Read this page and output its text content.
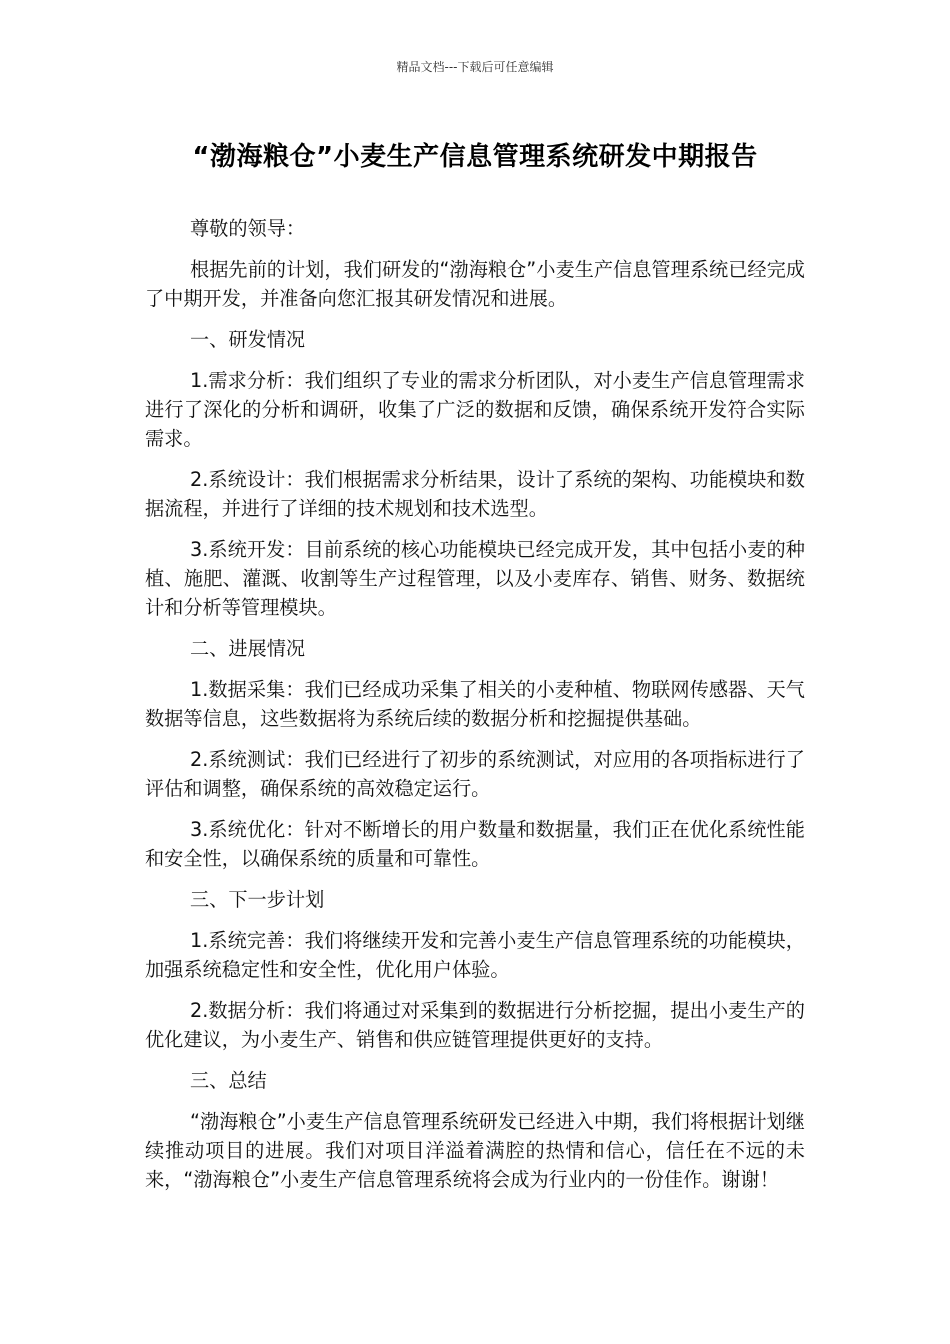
精品文档---下载后可任意编辑
“渤海粮仓”小麦生产信息管理系统研发中期报告

尊敬的领导：

根据先前的计划，我们研发的“渤海粮仓”小麦生产信息管理系统已经完成了中期开发，并准备向您汇报其研发情况和进展。

一、研发情况

1.需求分析：我们组织了专业的需求分析团队，对小麦生产信息管理需求进行了深化的分析和调研，收集了广泛的数据和反馈，确保系统开发符合实际需求。

2.系统设计：我们根据需求分析结果，设计了系统的架构、功能模块和数据流程，并进行了详细的技术规划和技术选型。

3.系统开发：目前系统的核心功能模块已经完成开发，其中包括小麦的种植、施肥、灌溉、收割等生产过程管理，以及小麦库存、销售、财务、数据统计和分析等管理模块。

二、进展情况

1.数据采集：我们已经成功采集了相关的小麦种植、物联网传感器、天气数据等信息，这些数据将为系统后续的数据分析和挖掘提供基础。

2.系统测试：我们已经进行了初步的系统测试，对应用的各项指标进行了评估和调整，确保系统的高效稳定运行。

3.系统优化：针对不断增长的用户数量和数据量，我们正在优化系统性能和安全性，以确保系统的质量和可靠性。

三、下一步计划

1.系统完善：我们将继续开发和完善小麦生产信息管理系统的功能模块，加强系统稳定性和安全性，优化用户体验。

2.数据分析：我们将通过对采集到的数据进行分析挖掘，提出小麦生产的优化建议，为小麦生产、销售和供应链管理提供更好的支持。

三、总结

“渤海粮仓”小麦生产信息管理系统研发已经进入中期，我们将根据计划继续推动项目的进展。我们对项目洋溢着满腔的热情和信心，信任在不远的未来，“渤海粮仓”小麦生产信息管理系统将会成为行业内的一份佳作。谢谢！
